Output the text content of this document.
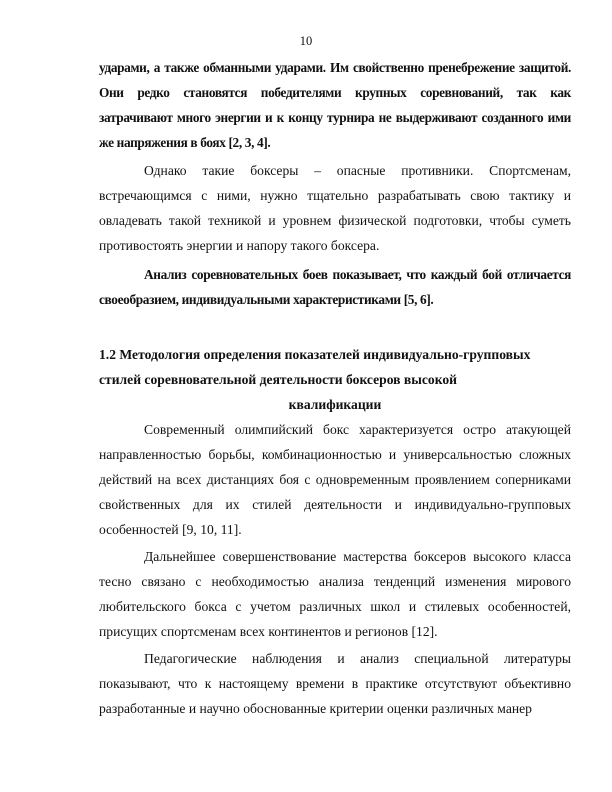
10

ударами, а также обманными ударами. Им свойственно пренебрежение защитой. Они редко становятся победителями крупных соревнований, так как затрачивают много энергии и к концу турнира не выдерживают созданного ими же напряжения в боях [2, 3, 4].

Однако такие боксеры – опасные противники. Спортсменам, встречающимся с ними, нужно тщательно разрабатывать свою тактику и овладевать такой техникой и уровнем физической подготовки, чтобы суметь противостоять энергии и напору такого боксера.

Анализ соревновательных боев показывает, что каждый бой отличается своеобразием, индивидуальными характеристиками [5, 6].

1.2 Методология определения показателей индивидуально-групповых
стилей соревновательной деятельности боксеров высокой
квалификации

Современный олимпийский бокс характеризуется остро атакующей направленностью борьбы, комбинационностью и универсальностью сложных действий на всех дистанциях боя с одновременным проявлением соперниками свойственных для их стилей деятельности и индивидуально-групповых особенностей [9, 10, 11].

Дальнейшее совершенствование мастерства боксеров высокого класса тесно связано с необходимостью анализа тенденций изменения мирового любительского бокса с учетом различных школ и стилевых особенностей, присущих спортсменам всех континентов и регионов [12].

Педагогические наблюдения и анализ специальной литературы показывают, что к настоящему времени в практике отсутствуют объективно разработанные и научно обоснованные критерии оценки различных манер
